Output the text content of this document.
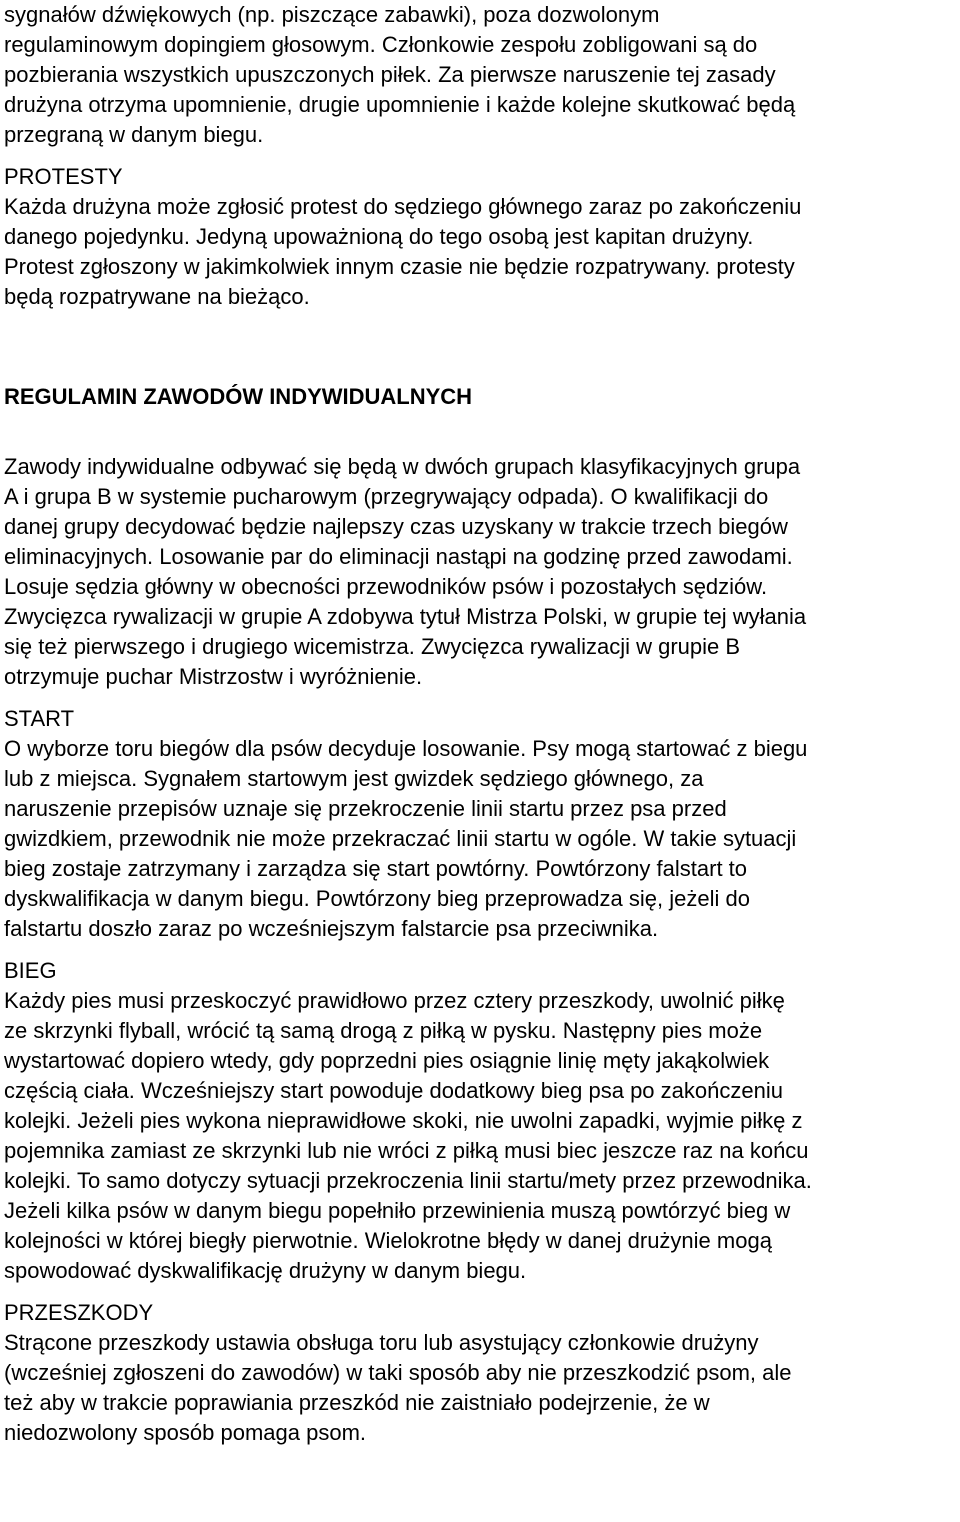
sygnałów dźwiękowych (np. piszczące zabawki), poza dozwolonym
regulaminowym dopingiem głosowym. Członkowie zespołu zobligowani są do
pozbierania wszystkich upuszczonych piłek. Za pierwsze naruszenie tej zasady
drużyna otrzyma upomnienie, drugie upomnienie i każde kolejne skutkować będą
przegraną w danym biegu.
PROTESTY
Każda drużyna może zgłosić protest do sędziego głównego zaraz po zakończeniu
danego pojedynku. Jedyną upoważnioną do tego osobą jest kapitan drużyny.
Protest zgłoszony w jakimkolwiek innym czasie nie będzie rozpatrywany. protesty
będą rozpatrywane na bieżąco.
REGULAMIN ZAWODÓW INDYWIDUALNYCH
Zawody indywidualne odbywać się będą w dwóch grupach klasyfikacyjnych grupa
A i grupa B w systemie pucharowym (przegrywający odpada). O kwalifikacji do
danej grupy decydować będzie najlepszy czas uzyskany w trakcie trzech biegów
eliminacyjnych. Losowanie par do eliminacji nastąpi na godzinę przed zawodami.
Losuje sędzia główny w obecności przewodników psów i pozostałych sędziów.
Zwycięzca rywalizacji w grupie A zdobywa tytuł Mistrza Polski, w grupie tej wyłania
się też pierwszego i drugiego wicemistrza. Zwycięzca rywalizacji w grupie B
otrzymuje puchar Mistrzostw i wyróżnienie.
START
O wyborze toru biegów dla psów decyduje losowanie. Psy mogą startować z biegu
lub z miejsca. Sygnałem startowym jest gwizdek sędziego głównego, za
naruszenie przepisów uznaje się przekroczenie linii startu przez psa przed
gwizdkiem, przewodnik nie może przekraczać linii startu w ogóle. W takie sytuacji
bieg zostaje zatrzymany i zarządza się start powtórny. Powtórzony falstart to
dyskwalifikacja w danym biegu. Powtórzony bieg przeprowadza się, jeżeli do
falstartu doszło zaraz po wcześniejszym falstarcie psa przeciwnika.
BIEG
Każdy pies musi przeskoczyć prawidłowo przez cztery przeszkody, uwolnić piłkę
ze skrzynki flyball, wrócić tą samą drogą z piłką w pysku. Następny pies może
wystartować dopiero wtedy, gdy poprzedni pies osiągnie linię męty jakąkolwiek
częścią ciała. Wcześniejszy start powoduje dodatkowy bieg psa po zakończeniu
kolejki. Jeżeli pies wykona nieprawidłowe skoki, nie uwolni zapadki, wyjmie piłkę z
pojemnika zamiast ze skrzynki lub nie wróci z piłką musi biec jeszcze raz na końcu
kolejki. To samo dotyczy sytuacji przekroczenia linii startu/mety przez przewodnika.
Jeżeli kilka psów w danym biegu popełniło przewinienia muszą powtórzyć bieg w
kolejności w której biegły pierwotnie. Wielokrotne błędy w danej drużynie mogą
spowodować dyskwalifikację drużyny w danym biegu.
PRZESZKODY
Strącone przeszkody ustawia obsługa toru lub asystujący członkowie drużyny
(wcześniej zgłoszeni do zawodów) w taki sposób aby nie przeszkodzić psom, ale
też aby w trakcie poprawiania przeszkód nie zaistniało podejrzenie, że w
niedozwolony sposób pomaga psom.
